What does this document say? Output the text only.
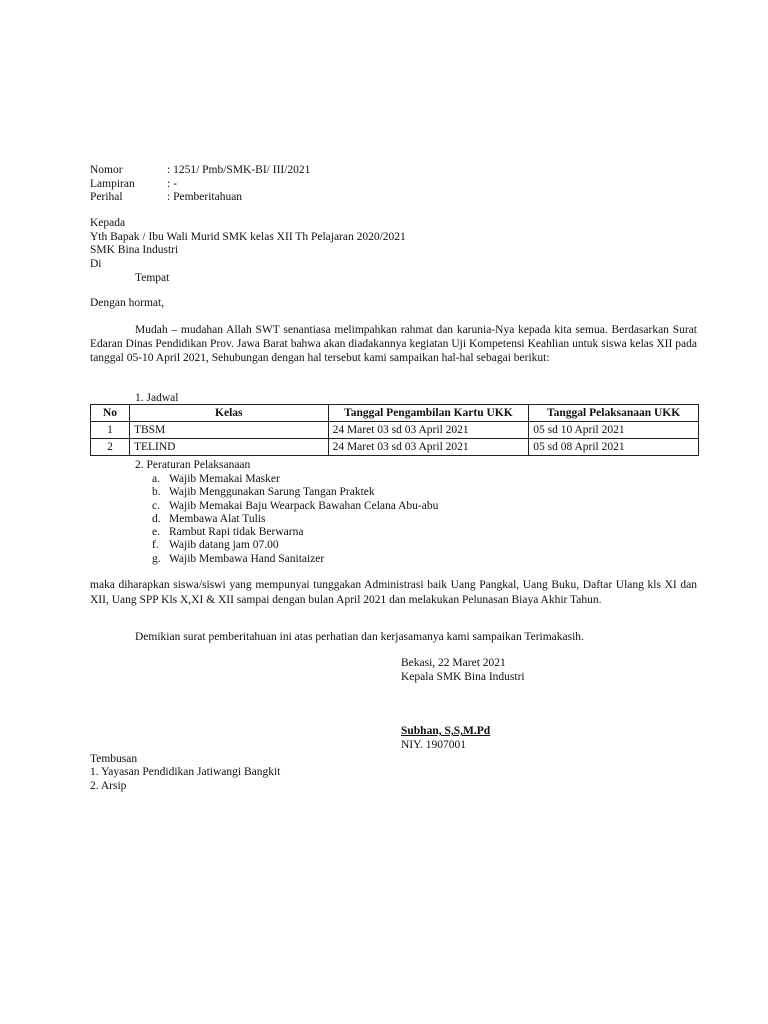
Nomor	: 1251/ Pmb/SMK-BI/ III/2021
Lampiran	: -
Perihal	: Pemberitahuan
Kepada
Yth Bapak / Ibu Wali Murid SMK kelas XII Th Pelajaran 2020/2021
SMK Bina Industri
Di
Tempat
Dengan hormat,

Mudah – mudahan Allah SWT senantiasa melimpahkan rahmat dan karunia-Nya kepada kita semua. Berdasarkan Surat Edaran Dinas Pendidikan Prov. Jawa Barat bahwa akan diadakannya kegiatan Uji Kompetensi Keahlian untuk siswa kelas XII pada tanggal 05-10 April 2021, Sehubungan dengan hal tersebut kami sampaikan hal-hal sebagai berikut:

1. Jadwal
No	Kelas	Tanggal Pengambilan Kartu UKK	Tanggal Pelaksanaan UKK
1	TBSM	24 Maret 03 sd 03 April 2021	05 sd 10 April 2021
2	TELIND	24 Maret 03 sd 03 April 2021	05 sd 08 April 2021
2. Peraturan Pelaksanaan
a. Wajib Memakai Masker
b. Wajib Menggunakan Sarung Tangan Praktek
c. Wajib Memakai Baju Wearpack Bawahan Celana Abu-abu
d. Membawa Alat Tulis
e. Rambut Rapi tidak Berwarna
f. Wajib datang jam 07.00
g. Wajib Membawa Hand Sanitaizer

maka diharapkan siswa/siswi yang mempunyai tunggakan Administrasi baik Uang Pangkal, Uang Buku, Daftar Ulang kls XI dan XII, Uang SPP Kls X,XI & XII sampai dengan bulan April 2021 dan melakukan Pelunasan Biaya Akhir Tahun.

Demikian surat pemberitahuan ini atas perhatian dan kerjasamanya kami sampaikan Terimakasih.

Bekasi, 22 Maret 2021
Kepala SMK Bina Industri
Subhan, S,S,M.Pd
NIY. 1907001
Tembusan
1. Yayasan Pendidikan Jatiwangi Bangkit
2. Arsip
